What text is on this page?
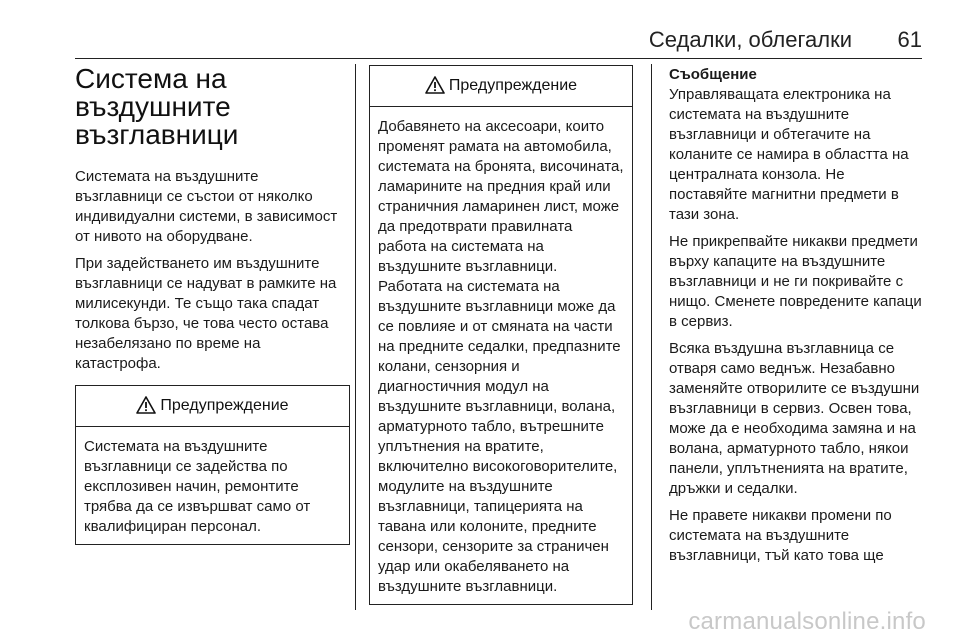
Седалки, облегалки 61
Система на
въздушните
възглавници

Системата на въздушните възглавници се състои от няколко индивидуални системи, в зависимост от нивото на оборудване.

При задействането им въздушните възглавници се надуват в рамките на милисекунди. Те също така спадат толкова бързо, че това често остава незабелязано по време на катастрофа.

Предупреждение

Системата на въздушните възглавници се задейства по експлозивен начин, ремонтите трябва да се извършват само от квалифициран персонал.

Предупреждение

Добавянето на аксесоари, които променят рамата на автомобила, системата на бронята, височината, ламарините на предния край или страничния ламаринен лист, може да предотврати правилната работа на системата на въздушните възглавници. Работата на системата на въздушните възглавници може да се повлияе и от смяната на части на предните седалки, предпазните колани, сензорния и диагностичния модул на въздушните възглавници, волана, арматурното табло, вътрешните уплътнения на вратите, включително високоговорителите, модулите на въздушните възглавници, тапицерията на тавана или колоните, предните сензори, сензорите за страничен удар или окабеляването на въздушните възглавници.

Съобщение

Управляващата електроника на системата на въздушните възглавници и обтегачите на коланите се намира в областта на централната конзола. Не поставяйте магнитни предмети в тази зона.

Не прикрепвайте никакви предмети върху капаците на въздушните възглавници и не ги покривайте с нищо. Сменете повредените капаци в сервиз.

Всяка въздушна възглавница се отваря само веднъж. Незабавно заменяйте отворилите се въздушни възглавници в сервиз. Освен това, може да е необходима замяна и на волана, арматурното табло, някои панели, уплътненията на вратите, дръжки и седалки.

Не правете никакви промени по системата на въздушните възглавници, тъй като това ще

carmanualsonline.info
